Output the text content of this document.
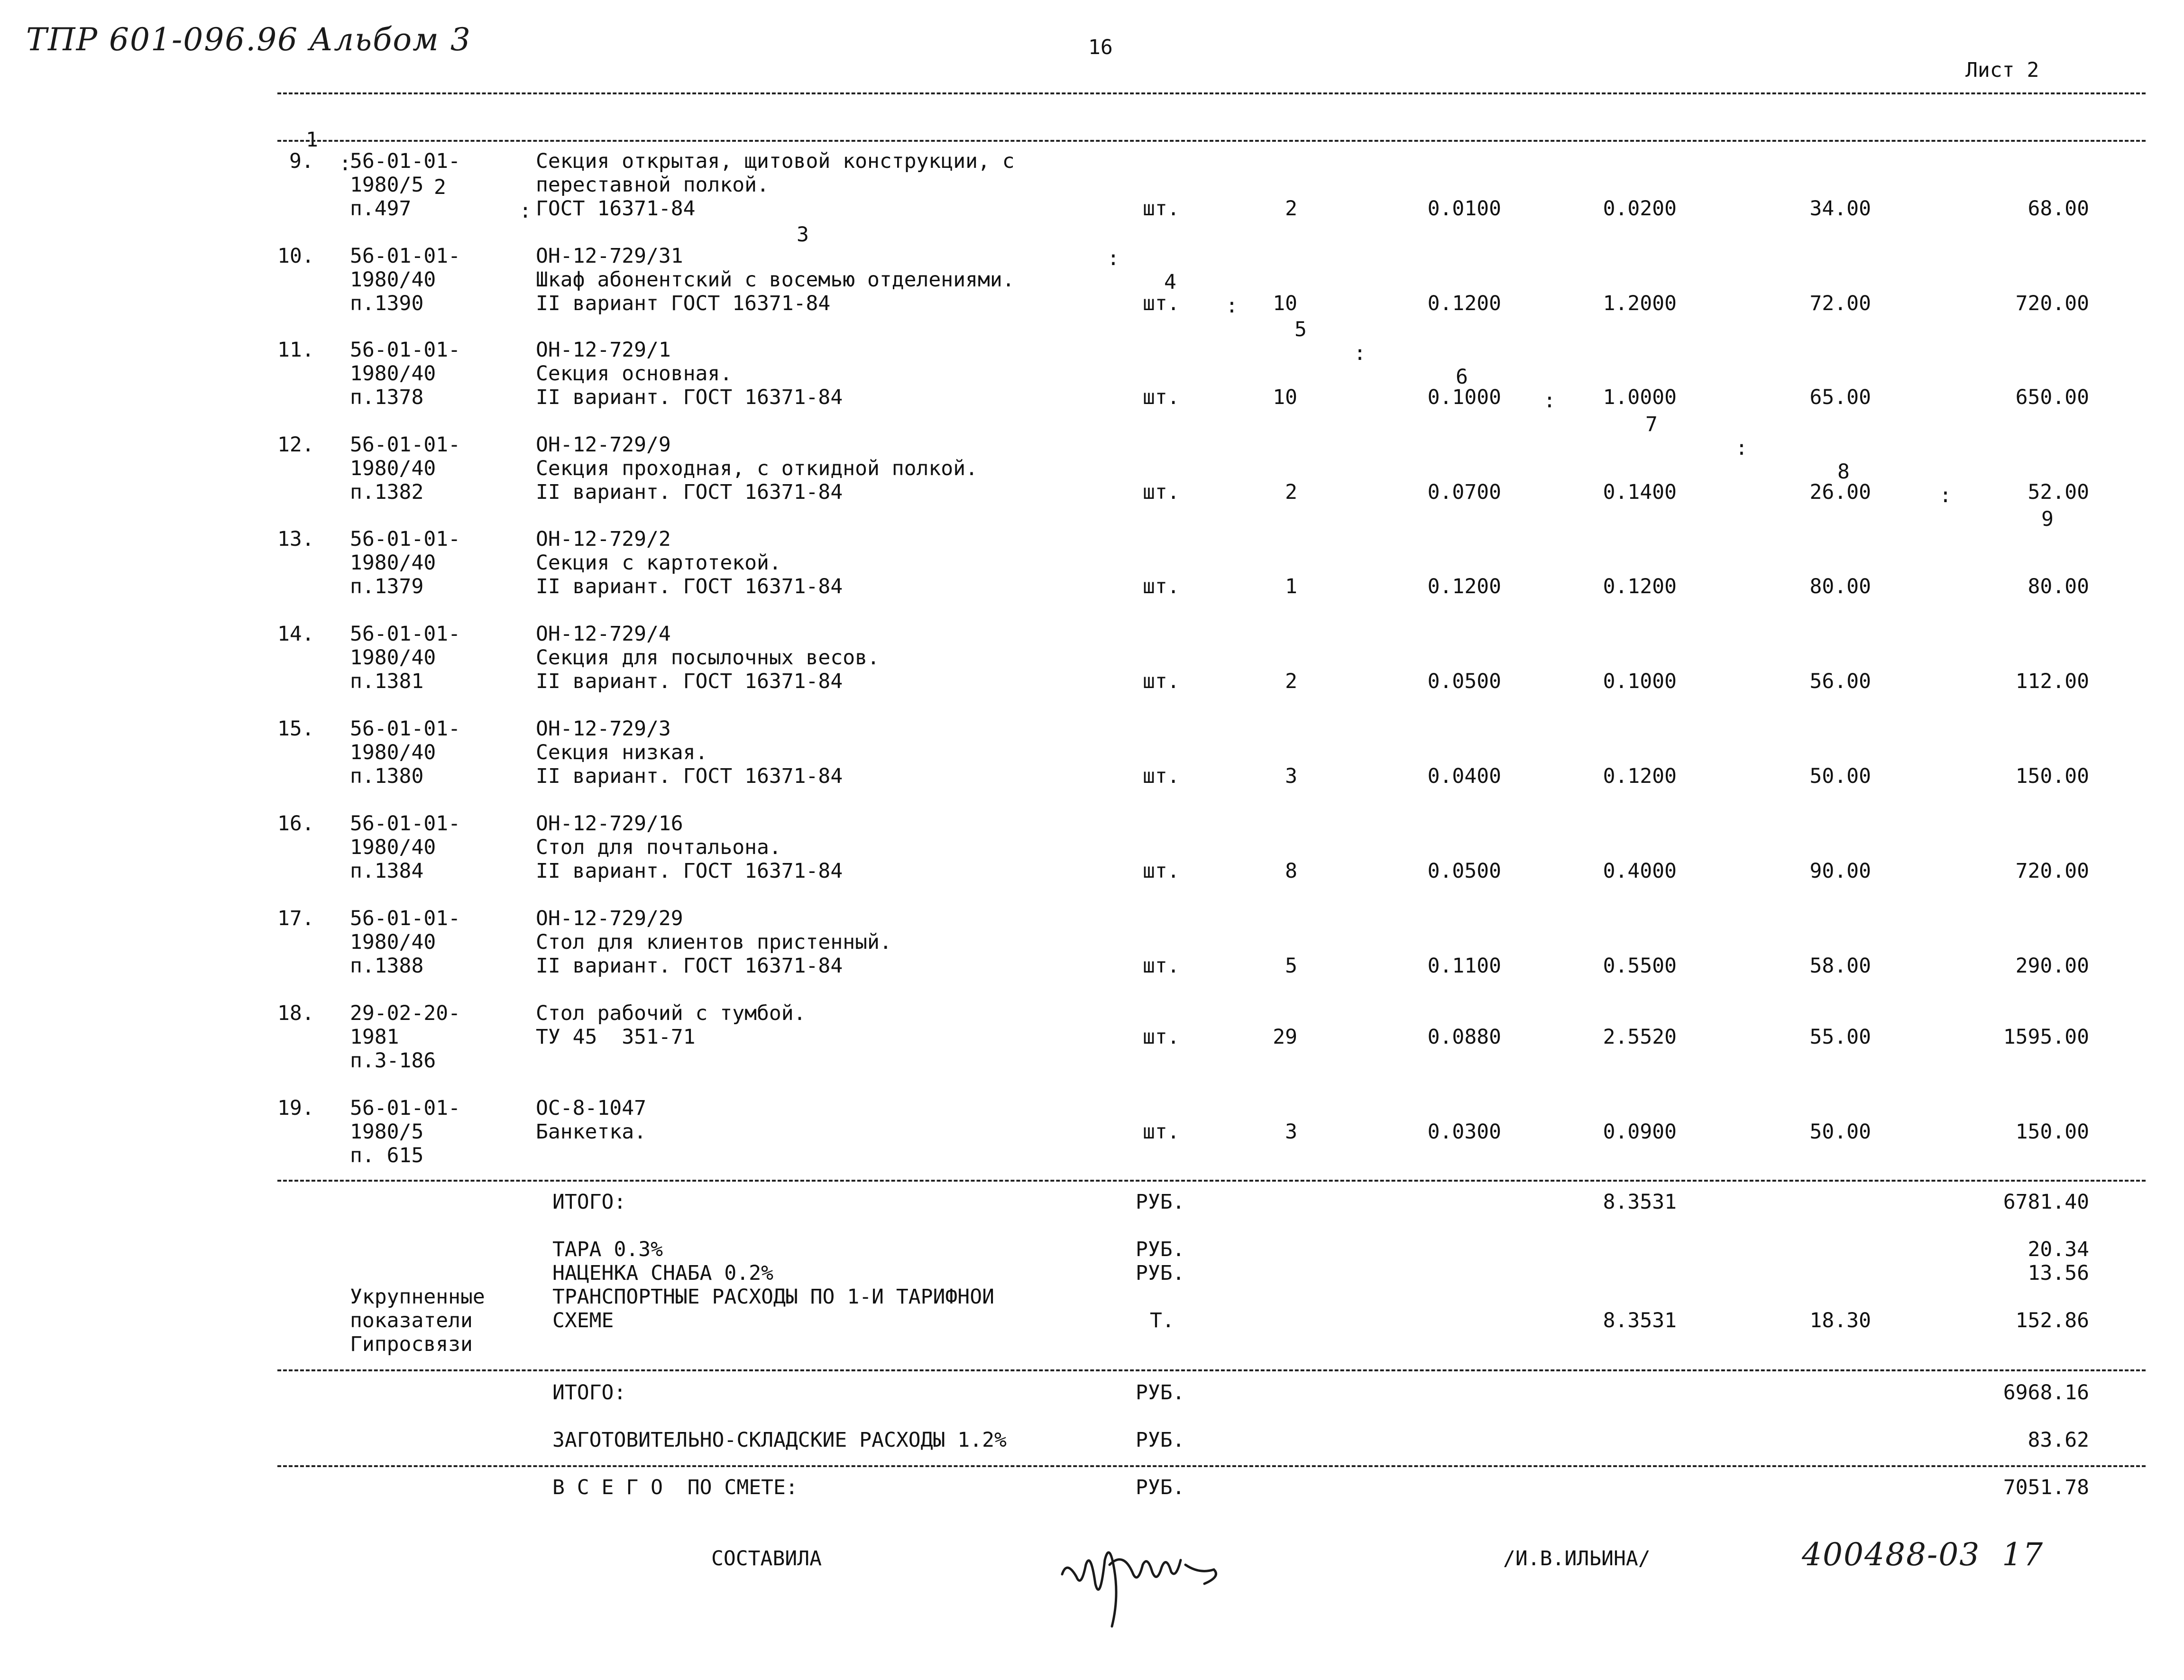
ТПР 601-096.96 Альбом 3	16
Лист 2

1

:

2

:

3

:

4

:

5

:

6

:

7

:

8

:

9

9. 56-01-01-	Секция открытая, щитовой конструкции, с
1980/5	переставной полкой.
п.497	ГОСТ 16371-84	шт.	2	0.0100	0.0200	34.00	68.00
10. 56-01-01-	ОН-12-729/31
1980/40	Шкаф абонентский с восемью отделениями.
п.1390	II вариант ГОСТ 16371-84	шт.	10	0.1200	1.2000	72.00	720.00
11. 56-01-01-	ОН-12-729/1
1980/40	Секция основная.
п.1378	II вариант. ГОСТ 16371-84	шт.	10	0.1000	1.0000	65.00	650.00
12. 56-01-01-	ОН-12-729/9
1980/40	Секция проходная, с откидной полкой.
п.1382	II вариант. ГОСТ 16371-84	шт.	2	0.0700	0.1400	26.00	52.00
13. 56-01-01-	ОН-12-729/2
1980/40	Секция с картотекой.
п.1379	II вариант. ГОСТ 16371-84	шт.	1	0.1200	0.1200	80.00	80.00
14. 56-01-01-	ОН-12-729/4
1980/40	Секция для посылочных весов.
п.1381	II вариант. ГОСТ 16371-84	шт.	2	0.0500	0.1000	56.00	112.00
15. 56-01-01-	ОН-12-729/3
1980/40	Секция низкая.
п.1380	II вариант. ГОСТ 16371-84	шт.	3	0.0400	0.1200	50.00	150.00
16. 56-01-01-	ОН-12-729/16
1980/40	Стол для почтальона.
п.1384	II вариант. ГОСТ 16371-84	шт.	8	0.0500	0.4000	90.00	720.00
17. 56-01-01-	ОН-12-729/29
1980/40	Стол для клиентов пристенный.
п.1388	II вариант. ГОСТ 16371-84	шт.	5	0.1100	0.5500	58.00	290.00
18. 29-02-20-	Стол рабочий с тумбой.
1981	ТУ 45  351-71
п.3-186
шт.	29	0.0880	2.5520	55.00	1595.00
19. 56-01-01-	ОС-8-1047
1980/5	Банкетка.
п. 615
шт.	3	0.0300	0.0900	50.00	150.00
ИТОГО:	РУБ.	8.3531	6781.40
ТАРА 0.3%	РУБ.	20.34
НАЦЕНКА СНАБА 0.2%	РУБ.	13.56
ТРАНСПОРТНЫЕ РАСХОДЫ ПО 1-И ТАРИФНОИ
СХЕМЕ	Т.	8.3531	18.30	152.86
Укрупненные
показатели
Гипросвязи
ИТОГО:	РУБ.	6968.16
ЗАГОТОВИТЕЛЬНО-СКЛАДСКИЕ РАСХОДЫ 1.2%	РУБ.	83.62
В С Е Г О  ПО СМЕТЕ:	РУБ.	7051.78
СОСТАВИЛА	/И.В.ИЛЬИНА/	400488-03  17
